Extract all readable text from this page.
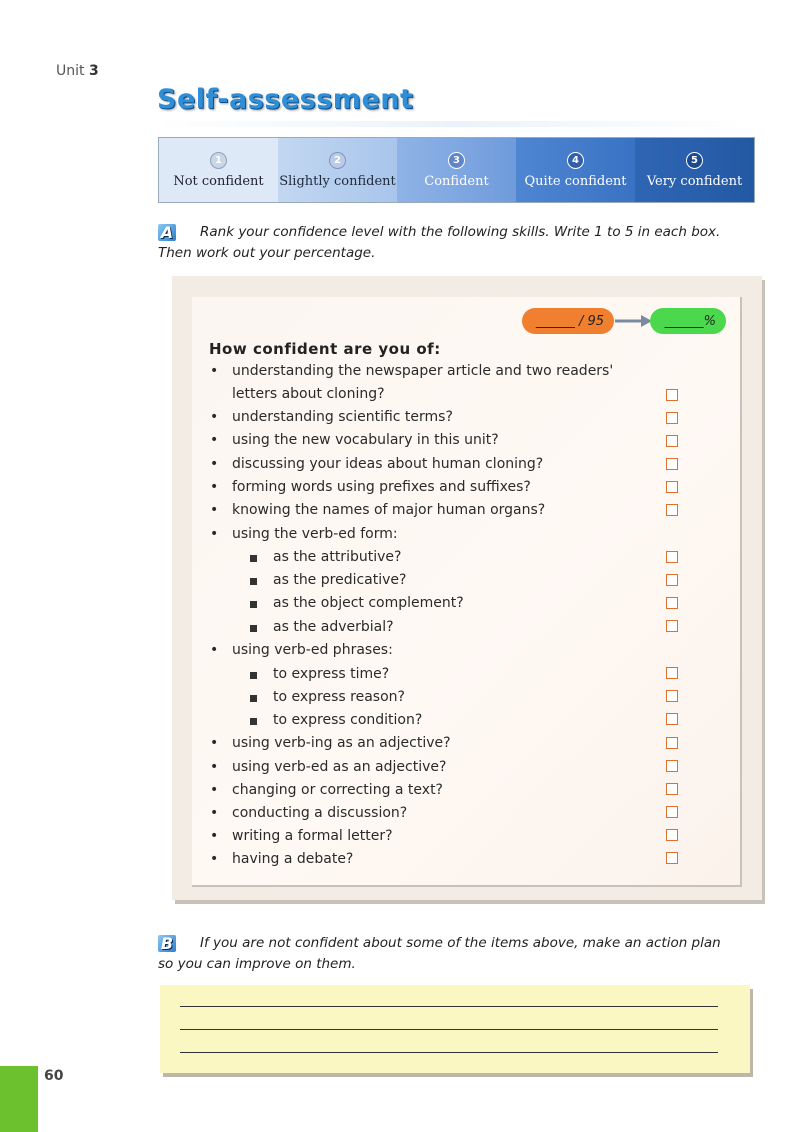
Unit 3
Self-assessment
1
Not confident
2
Slightly confident
3
Confident
4
Quite confident
5
Very confident
A Rank your confidence level with the following skills. Write 1 to 5 in each box. Then work out your percentage.
______ / 95	______%
How confident are you of:
• understanding the newspaper article and two readers'
letters about cloning?
• understanding scientific terms?
• using the new vocabulary in this unit?
• discussing your ideas about human cloning?
• forming words using prefixes and suffixes?
• knowing the names of major human organs?
• using the verb-ed form:
as the attributive?
as the predicative?
as the object complement?
as the adverbial?
• using verb-ed phrases:
to express time?
to express reason?
to express condition?
• using verb-ing as an adjective?
• using verb-ed as an adjective?
• changing or correcting a text?
• conducting a discussion?
• writing a formal letter?
• having a debate?
B If you are not confident about some of the items above, make an action plan so you can improve on them.
60
